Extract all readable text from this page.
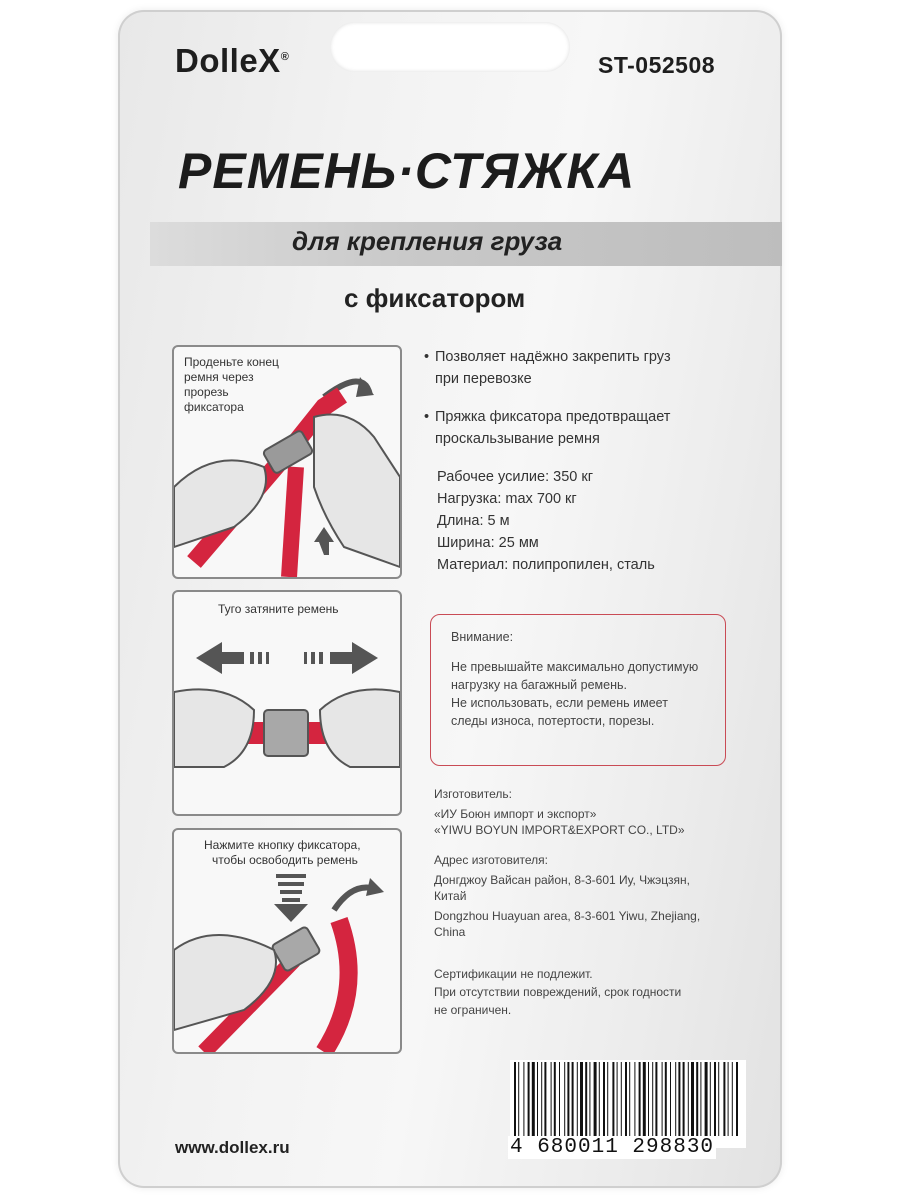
DolleX®	ST-052508
РЕМЕНЬ·СТЯЖКА
для крепления груза
с фиксатором
Проденьте конец
ремня через
прорезь
фиксатора
Туго затяните ремень
Нажмите кнопку фиксатора,
чтобы освободить ремень
• Позволяет надёжно закрепить груз
при перевозке
• Пряжка фиксатора предотвращает
проскальзывание ремня
Рабочее усилие: 350 кг
Нагрузка: max 700 кг
Длина: 5 м
Ширина: 25 мм
Материал: полипропилен, сталь
Внимание:
Не превышайте максимально допустимую
нагрузку на багажный ремень.
Не использовать, если ремень имеет
следы износа, потертости, порезы.
Изготовитель:
«ИУ Боюн импорт и экспорт»
«YIWU BOYUN IMPORT&EXPORT CO., LTD»
Адрес изготовителя:
Донгджоу Вайсан район, 8-3-601 Иу, Чжэцзян,
Китай
Dongzhou Huayuan area, 8-3-601 Yiwu, Zhejiang,
China
Сертификации не подлежит.
При отсутствии повреждений, срок годности
не ограничен.
4 680011 298830
www.dollex.ru
